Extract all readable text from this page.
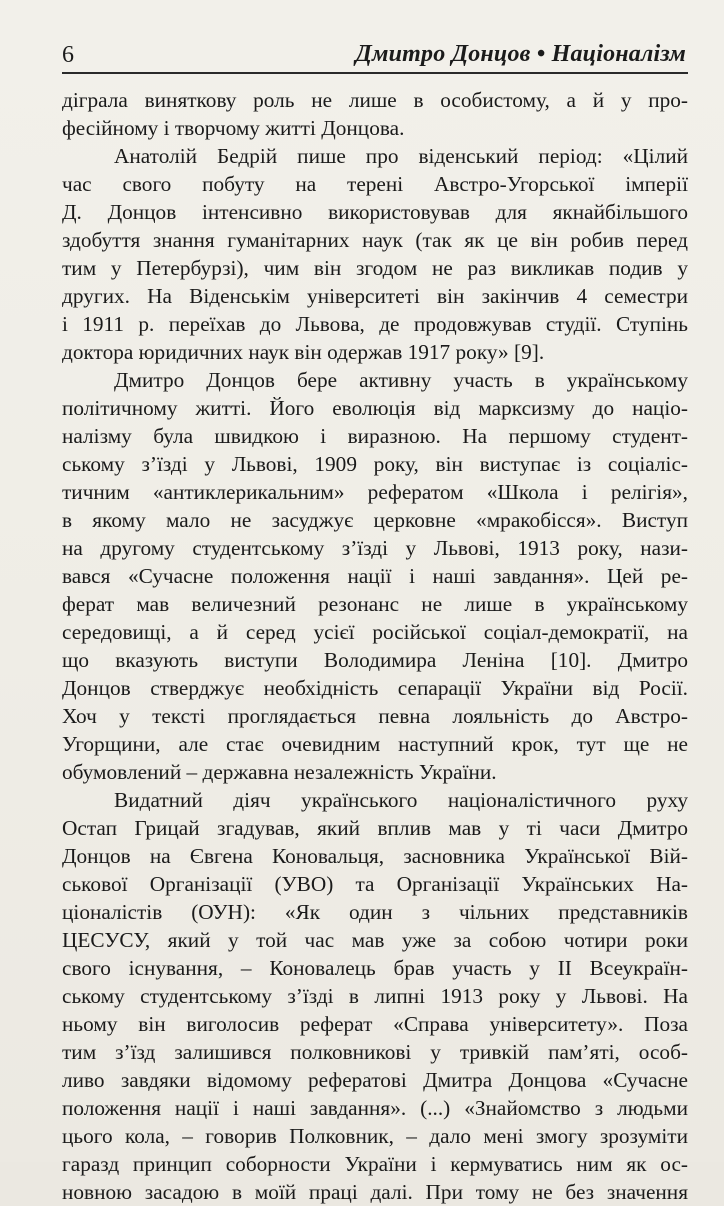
6	Дмитро Донцов • Націоналізм

діграла виняткову роль не лише в особистому, а й у про-
фесійному і творчому житті Донцова.

Анатолій Бедрій пише про віденський період: «Цілий
час свого побуту на терені Австро-Угорської імперії
Д. Донцов інтенсивно використовував для якнайбільшого
здобуття знання гуманітарних наук (так як це він робив перед
тим у Петербурзі), чим він згодом не раз викликав подив у
других. На Віденськім університеті він закінчив 4 семестри
і 1911 р. переїхав до Львова, де продовжував студії. Ступінь
доктора юридичних наук він одержав 1917 року» [9].

Дмитро Донцов бере активну участь в українському
політичному житті. Його еволюція від марксизму до націо-
налізму була швидкою і виразною. На першому студент-
ському з’їзді у Львові, 1909 року, він виступає із соціаліс-
тичним «антиклерикальним» рефератом «Школа і релігія»,
в якому мало не засуджує церковне «мракобісся». Виступ
на другому студентському з’їзді у Львові, 1913 року, нази-
вався «Сучасне положення нації і наші завдання». Цей ре-
ферат мав величезний резонанс не лише в українському
середовищі, а й серед усієї російської соціал-демократії, на
що вказують виступи Володимира Леніна [10]. Дмитро
Донцов стверджує необхідність сепарації України від Росії.
Хоч у тексті проглядається певна лояльність до Австро-
Угорщини, але стає очевидним наступний крок, тут ще не
обумовлений – державна незалежність України.

Видатний діяч українського націоналістичного руху
Остап Грицай згадував, який вплив мав у ті часи Дмитро
Донцов на Євгена Коновальця, засновника Української Вій-
ськової Організації (УВО) та Організації Українських На-
ціоналістів (ОУН): «Як один з чільних представників
ЦЕСУСУ, який у той час мав уже за собою чотири роки
свого існування, – Коновалець брав участь у ІІ Всеукраїн-
ському студентському з’їзді в липні 1913 року у Львові. На
ньому він виголосив реферат «Справа університету». Поза
тим з’їзд залишився полковникові у тривкій пам’яті, особ-
ливо завдяки відомому рефератові Дмитра Донцова «Сучасне
положення нації і наші завдання». (...) «Знайомство з людьми
цього кола, – говорив Полковник, – дало мені змогу зрозуміти
гаразд принцип соборности України і кермуватись ним як ос-
новною засадою в моїй праці далі. При тому не без значення
